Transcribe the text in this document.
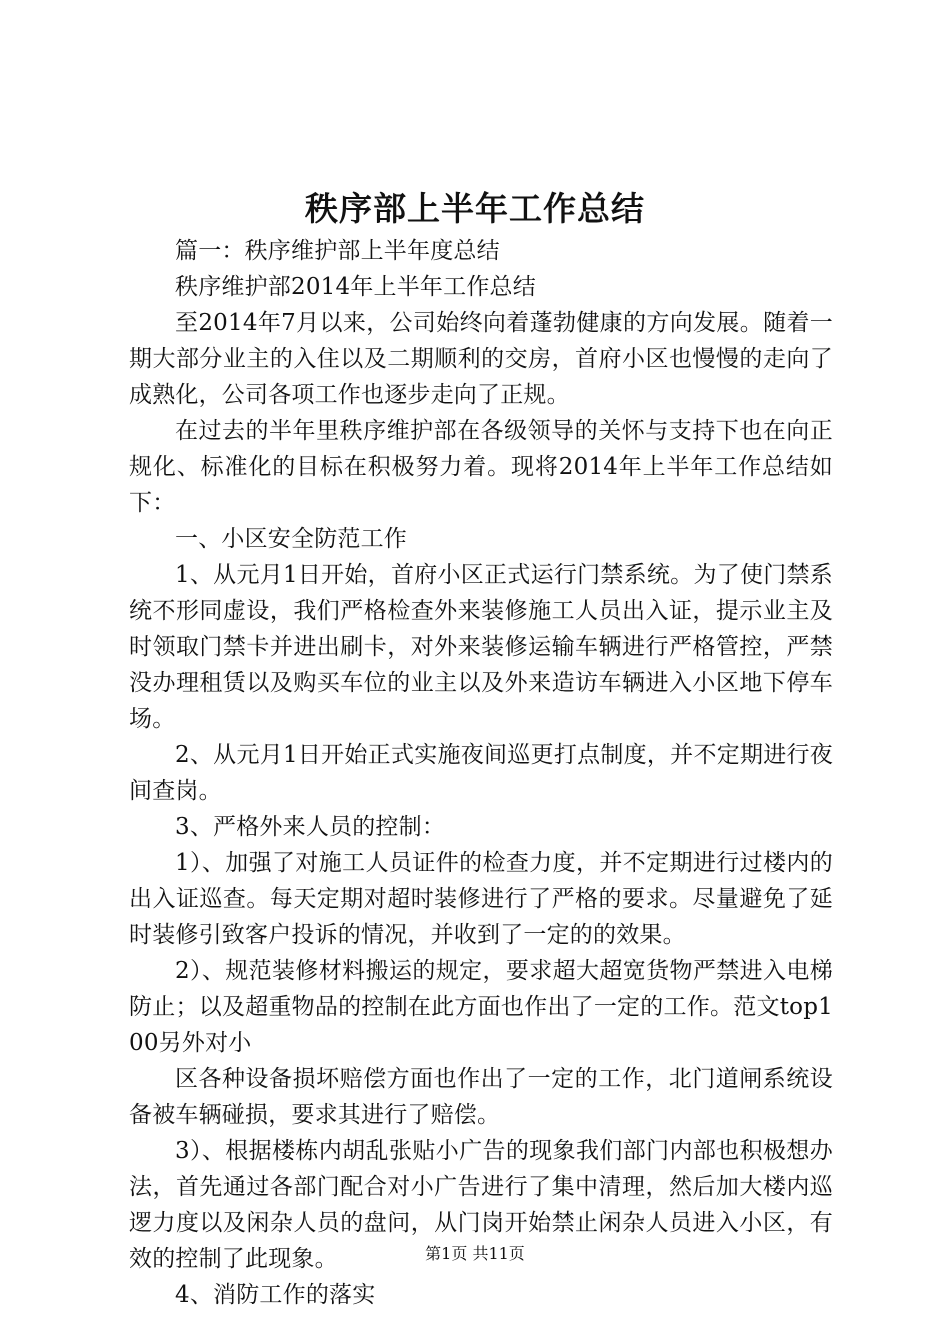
秩序部上半年工作总结

篇一：秩序维护部上半年度总结

秩序维护部2014年上半年工作总结

至2014年7月以来，公司始终向着蓬勃健康的方向发展。随着一期大部分业主的入住以及二期顺利的交房，首府小区也慢慢的走向了成熟化，公司各项工作也逐步走向了正规。

在过去的半年里秩序维护部在各级领导的关怀与支持下也在向正规化、标准化的目标在积极努力着。现将2014年上半年工作总结如下：

一、小区安全防范工作

1、从元月1日开始，首府小区正式运行门禁系统。为了使门禁系统不形同虚设，我们严格检查外来装修施工人员出入证，提示业主及时领取门禁卡并进出刷卡，对外来装修运输车辆进行严格管控，严禁没办理租赁以及购买车位的业主以及外来造访车辆进入小区地下停车场。

2、从元月1日开始正式实施夜间巡更打点制度，并不定期进行夜间查岗。

3、严格外来人员的控制：

1）、加强了对施工人员证件的检查力度，并不定期进行过楼内的出入证巡查。每天定期对超时装修进行了严格的要求。尽量避免了延时装修引致客户投诉的情况，并收到了一定的的效果。

2）、规范装修材料搬运的规定，要求超大超宽货物严禁进入电梯防止；以及超重物品的控制在此方面也作出了一定的工作。范文top100另外对小

区各种设备损坏赔偿方面也作出了一定的工作，北门道闸系统设备被车辆碰损，要求其进行了赔偿。

3）、根据楼栋内胡乱张贴小广告的现象我们部门内部也积极想办法，首先通过各部门配合对小广告进行了集中清理，然后加大楼内巡逻力度以及闲杂人员的盘问，从门岗开始禁止闲杂人员进入小区，有效的控制了此现象。

4、消防工作的落实

第1页 共11页
